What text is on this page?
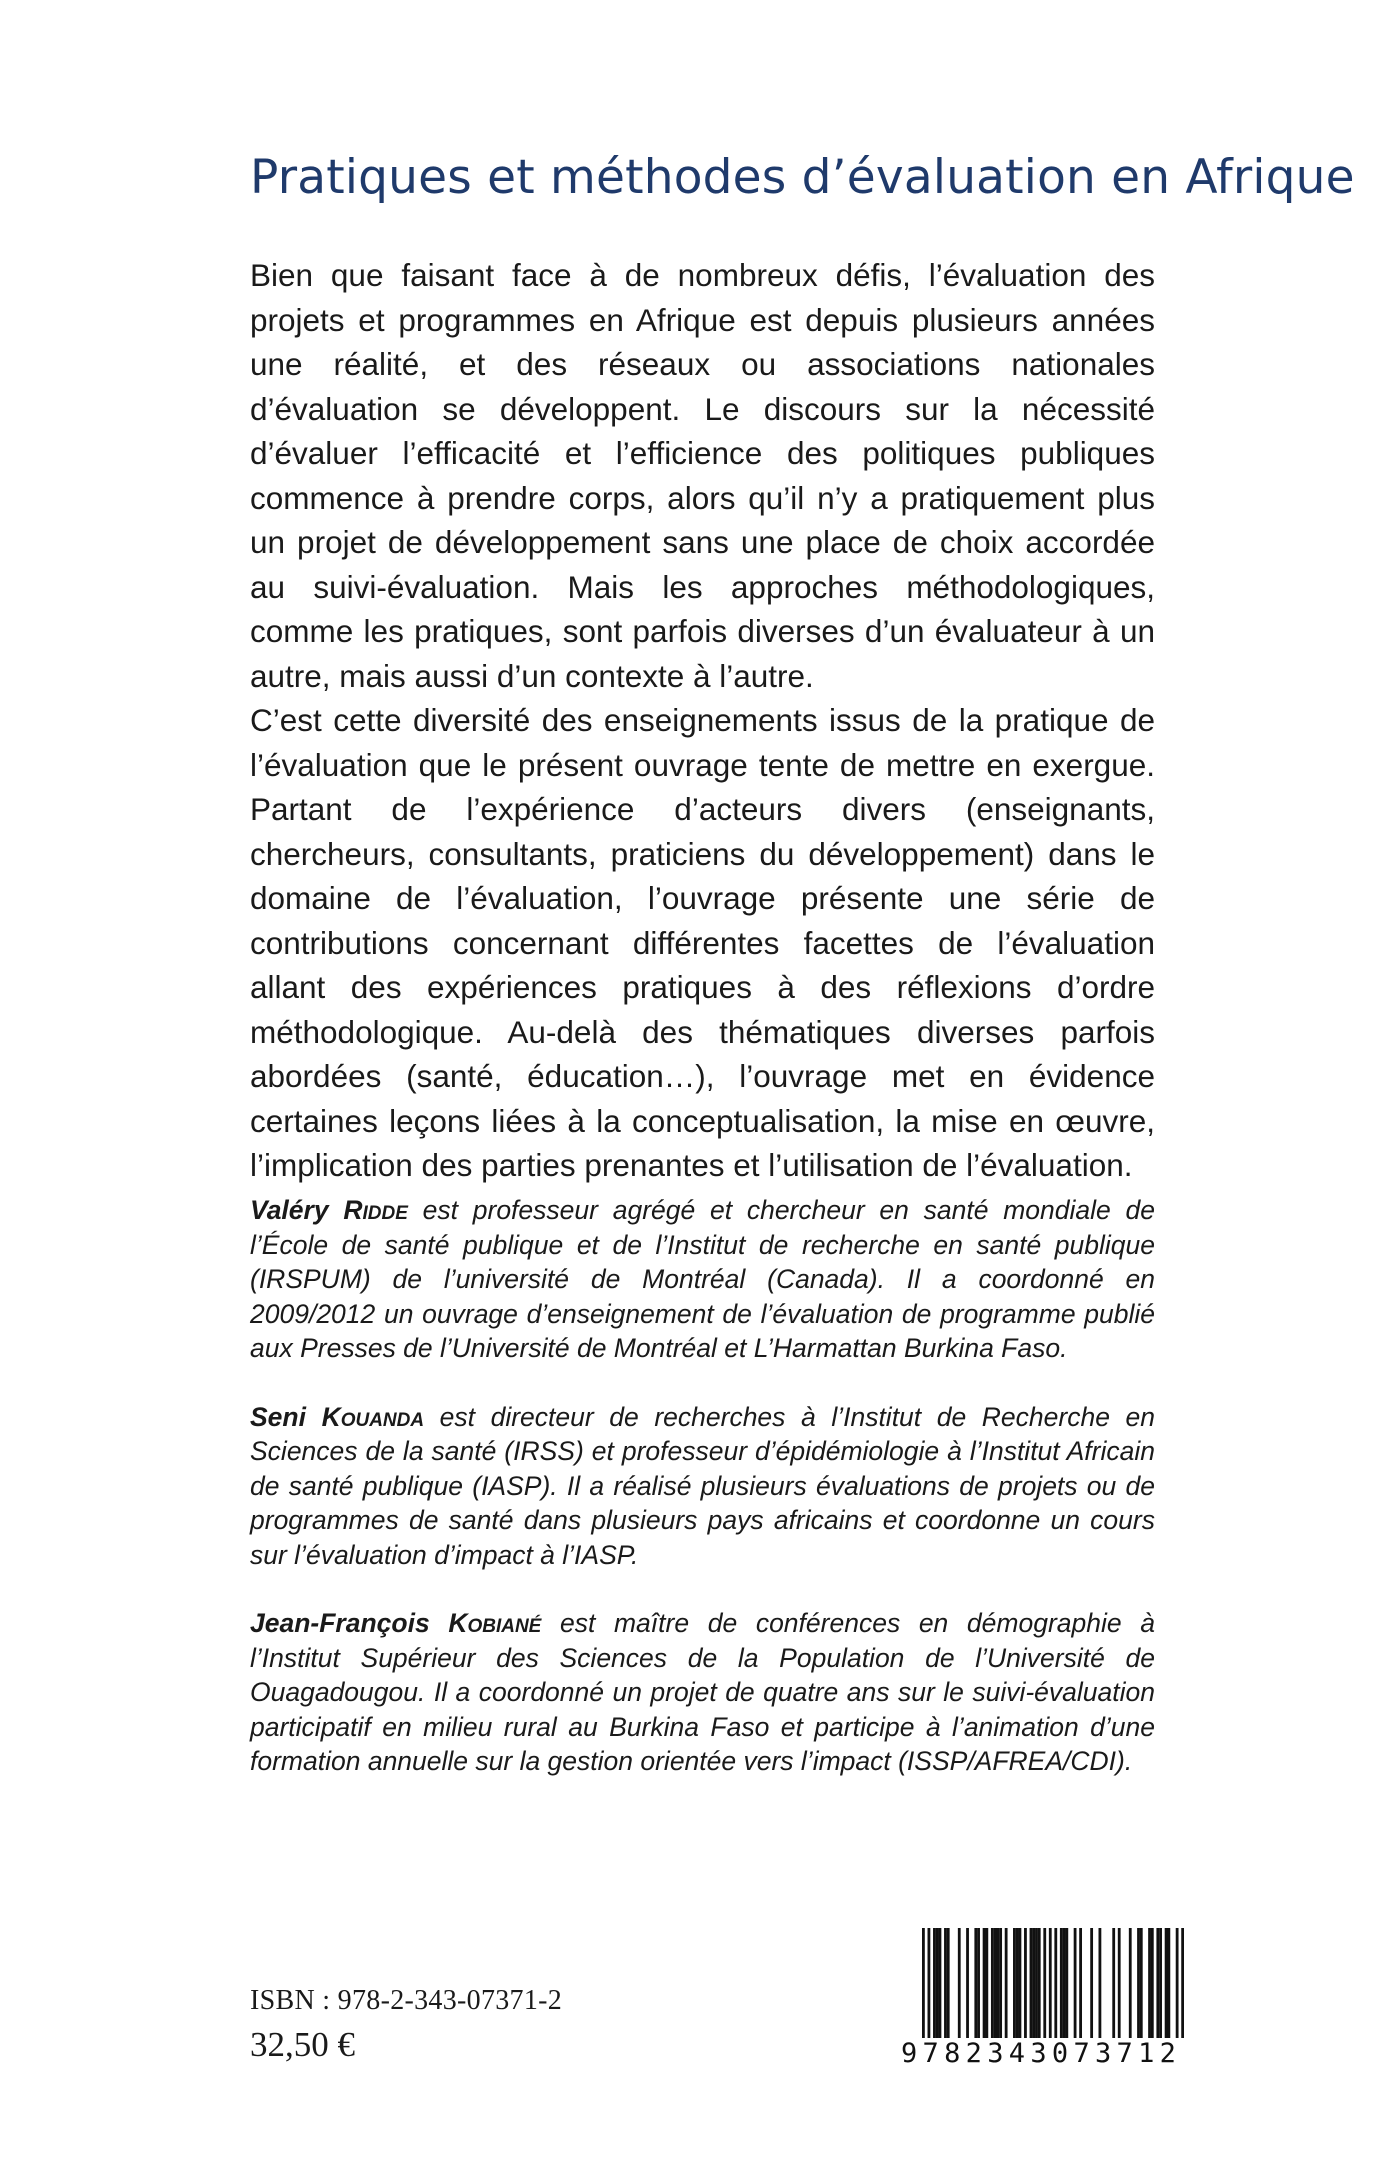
Pratiques et méthodes d’évaluation en Afrique

Bien que faisant face à de nombreux défis, l’évaluation des projets et programmes en Afrique est depuis plusieurs années une réalité, et des réseaux ou associations nationales d’évaluation se développent. Le discours sur la nécessité d’évaluer l’efficacité et l’efficience des politiques publiques commence à prendre corps, alors qu’il n’y a pratiquement plus un projet de développement sans une place de choix accordée au suivi-évaluation. Mais les approches méthodologiques, comme les pratiques, sont parfois diverses d’un évaluateur à un autre, mais aussi d’un contexte à l’autre.

C’est cette diversité des enseignements issus de la pratique de l’évaluation que le présent ouvrage tente de mettre en exergue. Partant de l’expérience d’acteurs divers (enseignants, chercheurs, consultants, praticiens du développement) dans le domaine de l’évaluation, l’ouvrage présente une série de contributions concernant différentes facettes de l’évaluation allant des expériences pratiques à des réflexions d’ordre méthodologique. Au-delà des thématiques diverses parfois abordées (santé, éducation…), l’ouvrage met en évidence certaines leçons liées à la conceptualisation, la mise en œuvre, l’implication des parties prenantes et l’utilisation de l’évaluation.

Valéry Ridde est professeur agrégé et chercheur en santé mondiale de l’École de santé publique et de l’Institut de recherche en santé publique (IRSPUM) de l’université de Montréal (Canada). Il a coordonné en 2009/2012 un ouvrage d’enseignement de l’évaluation de programme publié aux Presses de l’Université de Montréal et L’Harmattan Burkina Faso.

Seni Kouanda est directeur de recherches à l’Institut de Recherche en Sciences de la santé (IRSS) et professeur d’épidémiologie à l’Institut Africain de santé publique (IASP). Il a réalisé plusieurs évaluations de projets ou de programmes de santé dans plusieurs pays africains et coordonne un cours sur l’évaluation d’impact à l’IASP.

Jean-François Kobiané est maître de conférences en démographie à l’Institut Supérieur des Sciences de la Population de l’Université de Ouagadougou. Il a coordonné un projet de quatre ans sur le suivi-évaluation participatif en milieu rural au Burkina Faso et participe à l’animation d’une formation annuelle sur la gestion orientée vers l’impact (ISSP/AFREA/CDI).

ISBN : 978-2-343-07371-2

32,50 €	9782343073712
